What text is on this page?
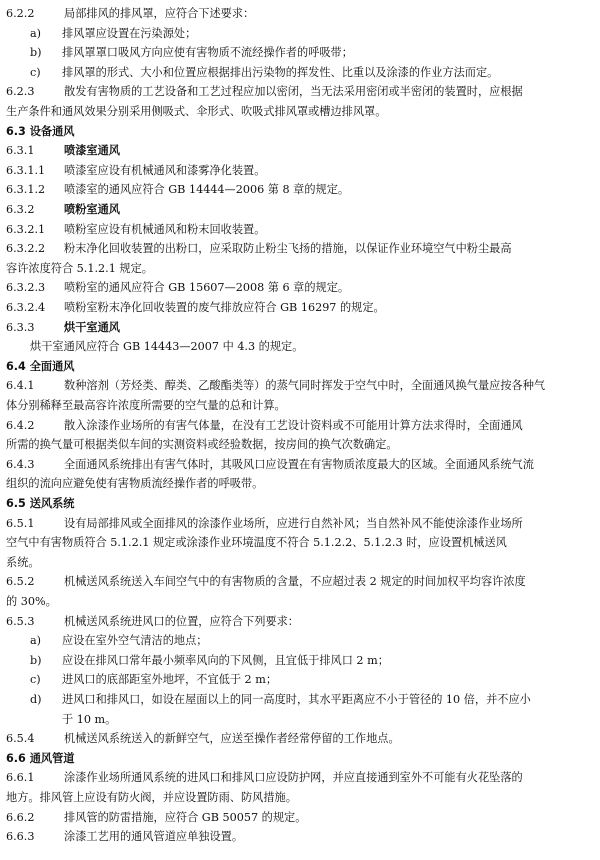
6.2.2	局部排风的排风罩，应符合下述要求：
a) 排风罩应设置在污染源处；
b) 排风罩罩口吸风方向应使有害物质不流经操作者的呼吸带；
c) 排风罩的形式、大小和位置应根据排出污染物的挥发性、比重以及涂漆的作业方法而定。
6.2.3	散发有害物质的工艺设备和工艺过程应加以密闭，当无法采用密闭或半密闭的装置时，应根据
生产条件和通风效果分别采用侧吸式、伞形式、吹吸式排风罩或槽边排风罩。
6.3 设备通风
6.3.1	喷漆室通风
6.3.1.1 喷漆室应设有机械通风和漆雾净化装置。
6.3.1.2 喷漆室的通风应符合 GB 14444—2006 第 8 章的规定。
6.3.2	喷粉室通风
6.3.2.1 喷粉室应设有机械通风和粉末回收装置。
6.3.2.2 粉末净化回收装置的出粉口，应采取防止粉尘飞扬的措施，以保证作业环境空气中粉尘最高
容许浓度符合 5.1.2.1 规定。
6.3.2.3 喷粉室的通风应符合 GB 15607—2008 第 6 章的规定。
6.3.2.4 喷粉室粉末净化回收装置的废气排放应符合 GB 16297 的规定。
6.3.3	烘干室通风
烘干室通风应符合 GB 14443—2007 中 4.3 的规定。
6.4 全面通风
6.4.1	数种溶剂（芳烃类、醇类、乙酸酯类等）的蒸气同时挥发于空气中时，全面通风换气量应按各种气
体分别稀释至最高容许浓度所需要的空气量的总和计算。
6.4.2	散入涂漆作业场所的有害气体量，在没有工艺设计资料或不可能用计算方法求得时，全面通风
所需的换气量可根据类似车间的实测资料或经验数据，按房间的换气次数确定。
6.4.3	全面通风系统排出有害气体时，其吸风口应设置在有害物质浓度最大的区域。全面通风系统气流
组织的流向应避免使有害物质流经操作者的呼吸带。
6.5 送风系统
6.5.1	设有局部排风或全面排风的涂漆作业场所，应进行自然补风；当自然补风不能使涂漆作业场所
空气中有害物质符合 5.1.2.1 规定或涂漆作业环境温度不符合 5.1.2.2、5.1.2.3 时，应设置机械送风
系统。
6.5.2	机械送风系统送入车间空气中的有害物质的含量，不应超过表 2 规定的时间加权平均容许浓度
的 30%。
6.5.3	机械送风系统进风口的位置，应符合下列要求：
a) 应设在室外空气清洁的地点；
b) 应设在排风口常年最小频率风向的下风侧，且宜低于排风口 2 m；
c) 进风口的底部距室外地坪，不宜低于 2 m；
d) 进风口和排风口，如设在屋面以上的同一高度时，其水平距离应不小于管径的 10 倍，并不应小
于 10 m。
6.5.4	机械送风系统送入的新鲜空气，应送至操作者经常停留的工作地点。
6.6 通风管道
6.6.1	涂漆作业场所通风系统的进风口和排风口应设防护网，并应直接通到室外不可能有火花坠落的
地方。排风管上应设有防火阀，并应设置防雨、防风措施。
6.6.2	排风管的防雷措施，应符合 GB 50057 的规定。
6.6.3	涂漆工艺用的通风管道应单独设置。
